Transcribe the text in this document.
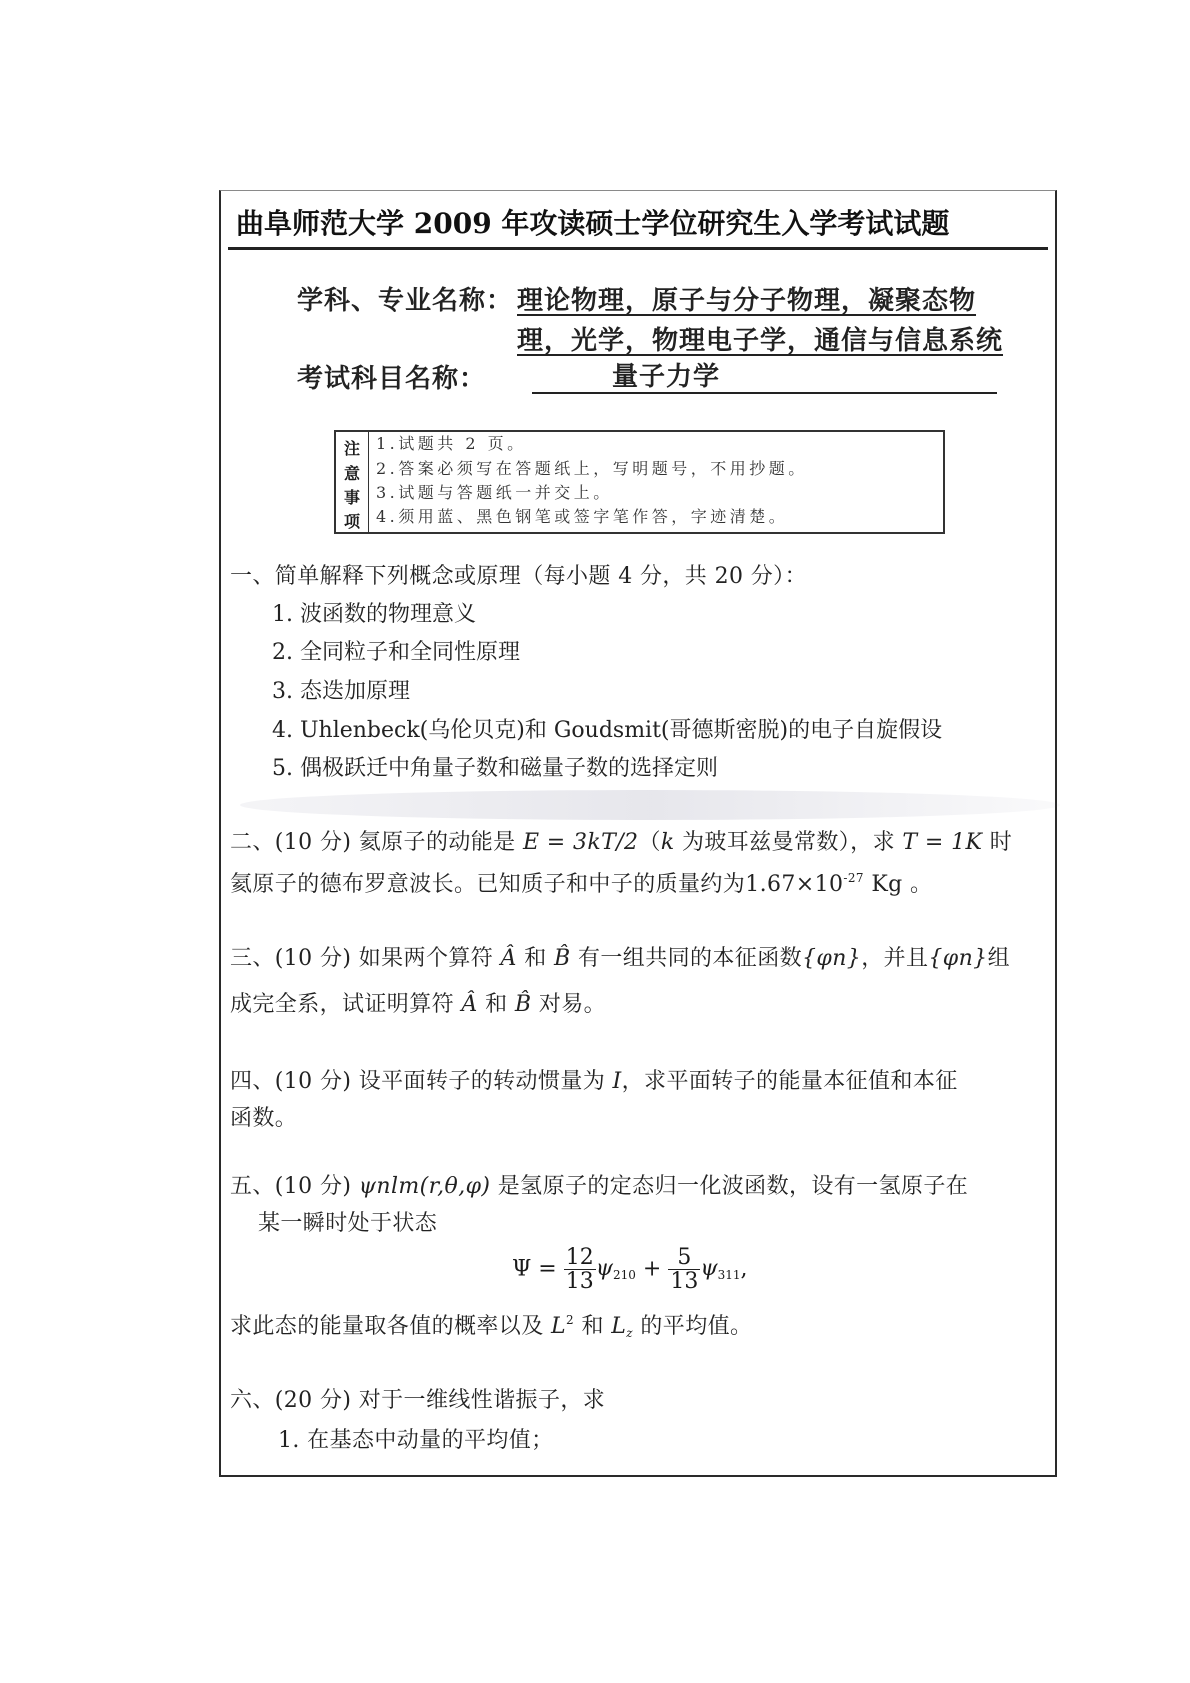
曲阜师范大学 2009 年攻读硕士学位研究生入学考试试题
学科、专业名称： 理论物理，原子与分子物理，凝聚态物
理，光学，物理电子学，通信与信息系统
考试科目名称：	量子力学
注
意
事
项
1.试题共 2 页。
2.答案必须写在答题纸上，写明题号，不用抄题。
3.试题与答题纸一并交上。
4.须用蓝、黑色钢笔或签字笔作答，字迹清楚。
一、简单解释下列概念或原理（每小题 4 分，共 20 分）：
1. 波函数的物理意义
2. 全同粒子和全同性原理
3. 态迭加原理
4. Uhlenbeck(乌伦贝克)和 Goudsmit(哥德斯密脱)的电子自旋假设
5. 偶极跃迁中角量子数和磁量子数的选择定则
二、(10 分) 氦原子的动能是 E = 3kT/2（k 为玻耳兹曼常数），求 T = 1K 时
氦原子的德布罗意波长。已知质子和中子的质量约为$1.67\times 10^{-27}$ Kg 。
三、(10 分) 如果两个算符 Â 和 B̂ 有一组共同的本征函数{φn}，并且{φn}组
成完全系，试证明算符 Â 和 B̂ 对易。
四、(10 分) 设平面转子的转动惯量为 I，求平面转子的能量本征值和本征
函数。
五、(10 分) ψnlm(r,θ,φ) 是氢原子的定态归一化波函数，设有一氢原子在
某一瞬时处于状态
$\Psi = \frac{12}{13} \psi_{210} + \frac{5}{13} \psi_{311}$,
求此态的能量取各值的概率以及 $L^2$ 和 $L_z$ 的平均值。
六、(20 分) 对于一维线性谐振子，求
1. 在基态中动量的平均值；
